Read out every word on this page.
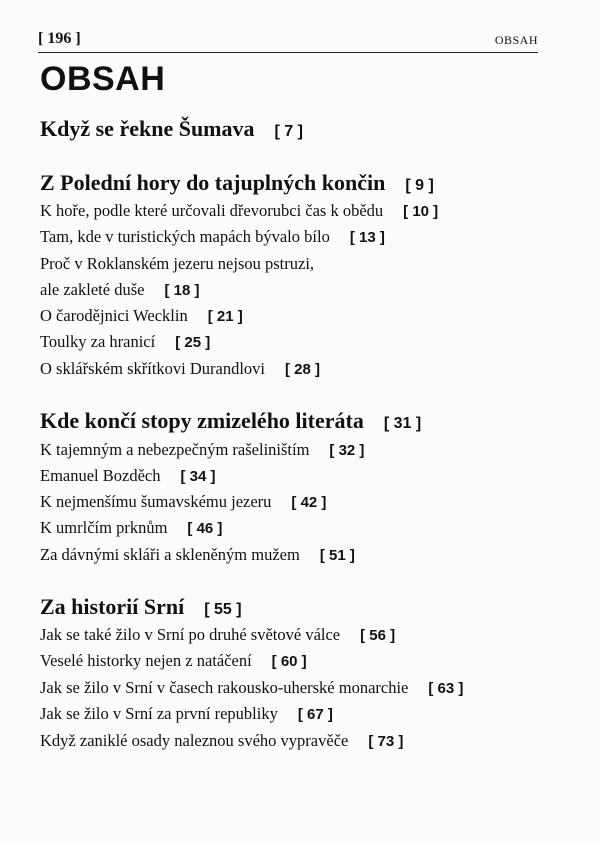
[ 196 ]	OBSAH
OBSAH
Když se řekne Šumava [ 7 ]
Z Polední hory do tajuplných končin [ 9 ]
K hoře, podle které určovali dřevorubci čas k obědu [ 10 ]
Tam, kde v turistických mapách bývalo bílo [ 13 ]
Proč v Roklanském jezeru nejsou pstruzi,
ale zakleté duše [ 18 ]
O čarodějnici Wecklin [ 21 ]
Toulky za hranicí [ 25 ]
O sklářském skřítkovi Durandlovi [ 28 ]
Kde končí stopy zmizelého literáta [ 31 ]
K tajemným a nebezpečným rašeliništím [ 32 ]
Emanuel Bozděch [ 34 ]
K nejmenšímu šumavskému jezeru [ 42 ]
K umrlčím prknům [ 46 ]
Za dávnými skláři a skleněným mužem [ 51 ]
Za historií Srní [ 55 ]
Jak se také žilo v Srní po druhé světové válce [ 56 ]
Veselé historky nejen z natáčení [ 60 ]
Jak se žilo v Srní v časech rakousko-uherské monarchie [ 63 ]
Jak se žilo v Srní za první republiky [ 67 ]
Když zaniklé osady naleznou svého vypravěče [ 73 ]
